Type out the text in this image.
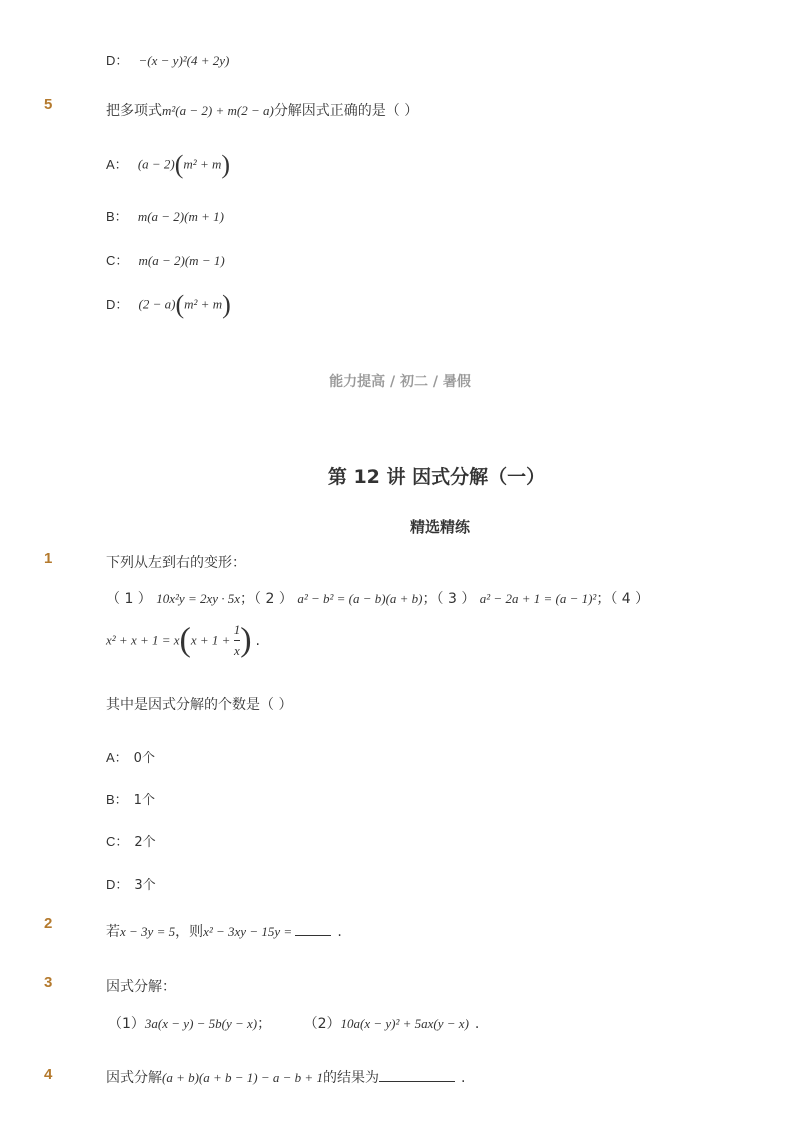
D： −(x − y)²(4 + 2y)
5	把多项式m²(a − 2) + m(2 − a)分解因式正确的是（ ）
A： (a − 2)(m² + m)
B： m(a − 2)(m + 1)
C： m(a − 2)(m − 1)
D： (2 − a)(m² + m)
能力提高 / 初二 / 暑假
第 12 讲 因式分解（一）
精选精练
1	下列从左到右的变形：
（ 1 ） 10x²y = 2xy · 5x；（ 2 ） a² − b² = (a − b)(a + b)；（ 3 ） a² − 2a + 1 = (a − 1)²；（ 4 ）
$x^2 + x + 1 = x(x + 1 + \frac{1}{x}$ ) .
其中是因式分解的个数是（ ）
A： 0个
B： 1个
C： 2个
D： 3个
2	若x − 3y = 5，则x² − 3xy − 15y =	.
3	因式分解：
（1）3a(x − y) − 5b(y − x)； （2）10a(x − y)² + 5ax(y − x) .
4	因式分解(a + b)(a + b − 1) − a − b + 1的结果为	.
